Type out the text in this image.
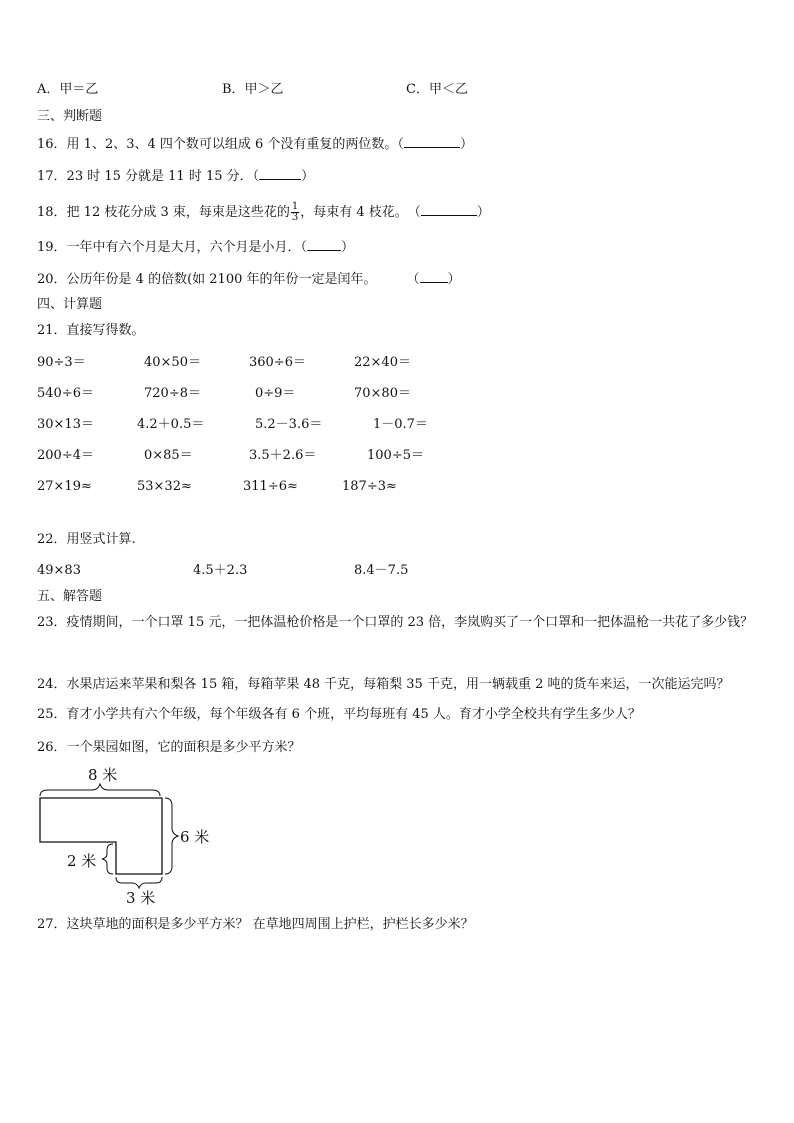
A．甲＝乙	B．甲＞乙	C．甲＜乙
三、判断题
16．用 1、2、3、4 四个数可以组成 6 个没有重复的两位数。（	）
17．23 时 15 分就是 11 时 15 分．（	）
18．把 12 枝花分成 3 束，每束是这些花的 $\frac{1}{3}$ ，每束有 4 枝花。　（	）
19．一年中有六个月是大月，六个月是小月．（	）
20．公历年份是 4 的倍数(如 2100 年的年份一定是闰年。 （ ）
四、计算题
21．直接写得数。
90÷3＝	40×50＝	360÷6＝	22×40＝
540÷6＝	720÷8＝	0÷9＝	70×80＝
30×13＝	4.2＋0.5＝	5.2－3.6＝	1－0.7＝
200÷4＝	0×85＝	3.5＋2.6＝	100÷5＝
27×19≈	53×32≈	311÷6≈	187÷3≈
22．用竖式计算.
49×83	4.5＋2.3	8.4－7.5
五、解答题
23．疫情期间，一个口罩 15 元，一把体温枪价格是一个口罩的 23 倍，李岚购买了一个口罩和一把体温枪一共花了多少钱？
24．水果店运来苹果和梨各 15 箱，每箱苹果 48 千克，每箱梨 35 千克，用一辆载重 2 吨的货车来运，一次能运完吗？
25．育才小学共有六个年级，每个年级各有 6 个班，平均每班有 45 人。育才小学全校共有学生多少人？
26．一个果园如图，它的面积是多少平方米？
8 米
6 米
2 米
3 米
27．这块草地的面积是多少平方米？ 在草地四周围上护栏，护栏长多少米？
